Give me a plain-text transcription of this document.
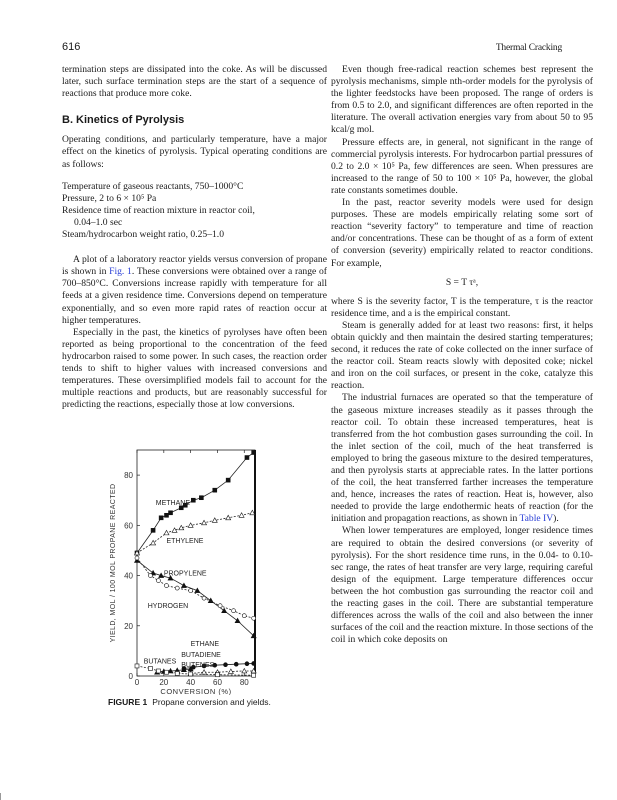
616	Thermal Cracking

termination steps are dissipated into the coke. As will be discussed later, such surface termination steps are the start of a sequence of reactions that produce more coke.

B. Kinetics of Pyrolysis

Operating conditions, and particularly temperature, have a major effect on the kinetics of pyrolysis. Typical operating conditions are as follows:

Temperature of gaseous reactants, 750–1000°C
Pressure, 2 to 6 × 10⁵ Pa
Residence time of reaction mixture in reactor coil,
0.04–1.0 sec
Steam/hydrocarbon weight ratio, 0.25–1.0

A plot of a laboratory reactor yields versus conversion of propane is shown in Fig. 1. These conversions were obtained over a range of 700–850°C. Conversions increase rapidly with temperature for all feeds at a given residence time. Conversions depend on temperature exponentially, and so even more rapid rates of reaction occur at higher temperatures.

Especially in the past, the kinetics of pyrolyses have often been reported as being proportional to the concentration of the feed hydrocarbon raised to some power. In such cases, the reaction order tends to shift to higher values with increased conversions and temperatures. These oversimplified models fail to account for the multiple reactions and products, but are reasonably successful for predicting the reactions, especially those at low conversions.

Even though free-radical reaction schemes best represent the pyrolysis mechanisms, simple nth-order models for the pyrolysis of the lighter feedstocks have been proposed. The range of orders is from 0.5 to 2.0, and significant differences are often reported in the literature. The overall activation energies vary from about 50 to 95 kcal/g mol.

Pressure effects are, in general, not significant in the range of commercial pyrolysis interests. For hydrocarbon partial pressures of 0.2 to 2.0 × 10⁵ Pa, few differences are seen. When pressures are increased to the range of 50 to 100 × 10⁵ Pa, however, the global rate constants sometimes double.

In the past, reactor severity models were used for design purposes. These are models empirically relating some sort of reaction “severity factory” to temperature and time of reaction and/or concentrations. These can be thought of as a form of extent of conversion (severity) empirically related to reactor conditions. For example,

S = T τᵃ,

where S is the severity factor, T is the temperature, τ is the reactor residence time, and a is the empirical constant.

Steam is generally added for at least two reasons: first, it helps obtain quickly and then maintain the desired starting temperatures; second, it reduces the rate of coke collected on the inner surface of the reactor coil. Steam reacts slowly with deposited coke; nickel and iron on the coil surfaces, or present in the coke, catalyze this reaction.

The industrial furnaces are operated so that the temperature of the gaseous mixture increases steadily as it passes through the reactor coil. To obtain these increased temperatures, heat is transferred from the hot combustion gases surrounding the coil. In the inlet section of the coil, much of the heat transferred is employed to bring the gaseous mixture to the desired temperatures, and then pyrolysis starts at appreciable rates. In the latter portions of the coil, the heat transferred farther increases the temperature and, hence, increases the rates of reaction. Heat is, however, also needed to provide the large endothermic heats of reaction (for the initiation and propagation reactions, as shown in Table IV).

When lower temperatures are employed, longer residence times are required to obtain the desired conversions (or severity of pyrolysis). For the short residence time runs, in the 0.04- to 0.10-sec range, the rates of heat transfer are very large, requiring careful design of the equipment. Large temperature differences occur between the hot combustion gas surrounding the reactor coil and the reacting gases in the coil. There are substantial temperature differences across the walls of the coil and also between the inner surfaces of the coil and the reaction mixture. In those sections of the coil in which coke deposits on

0	20 40 60 80
0
20
40
60
80
CONVERSION (%)
YIELD, MOL / 100 MOL PROPANE REACTED	METHANE
ETHYLENE
PROPYLENE
HYDROGEN
ETHANE
BUTADIENE
BUTENES
BUTANES
FIGURE 1 Propane conversion and yields.
